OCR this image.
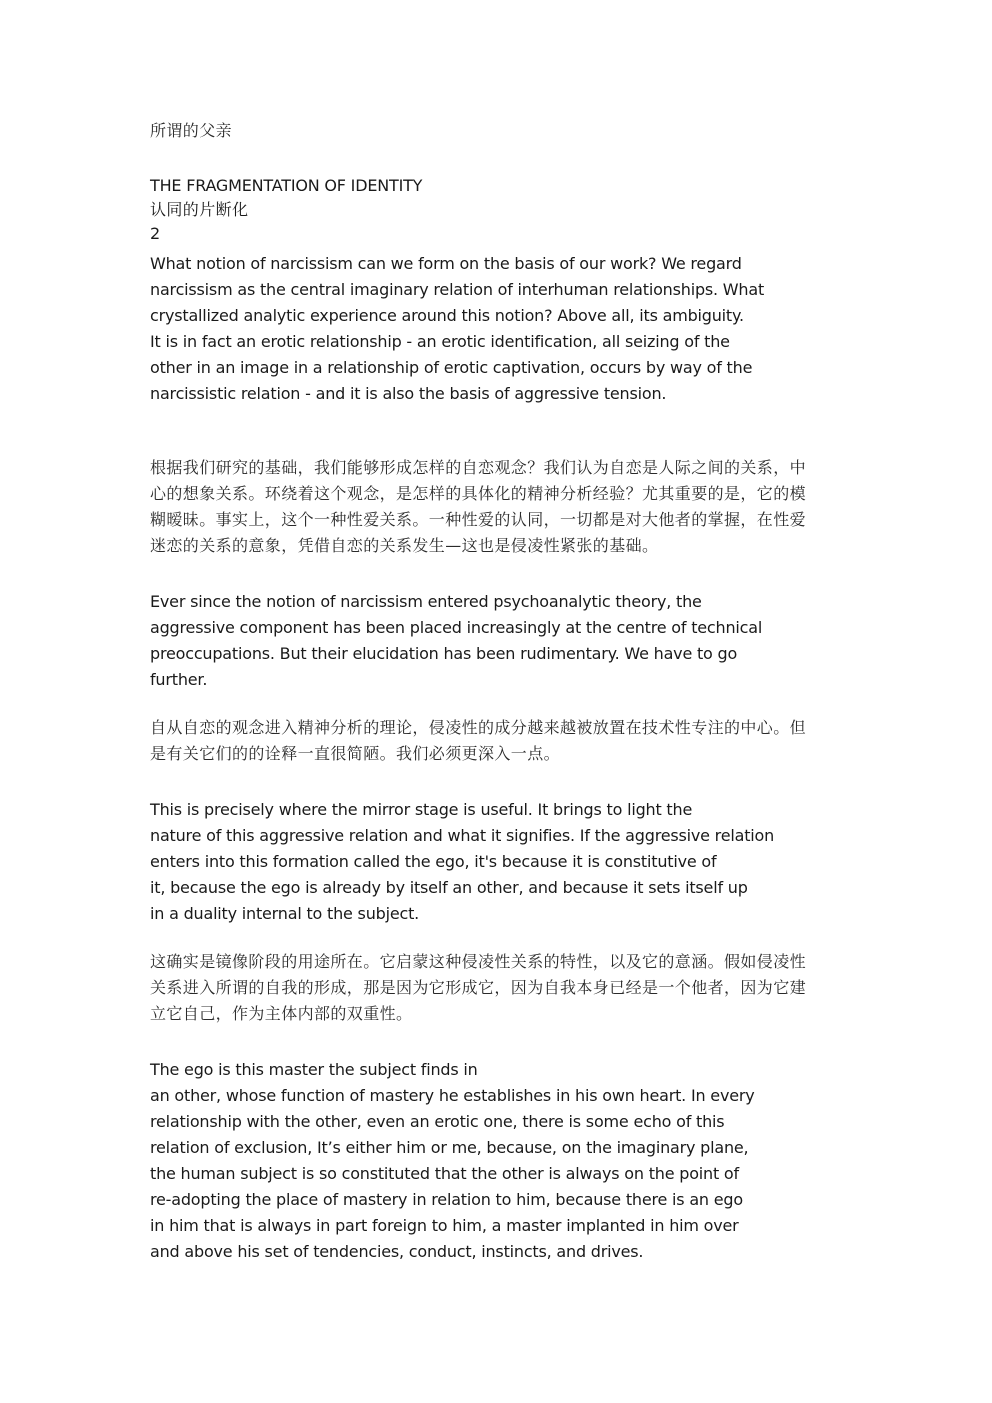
所谓的父亲
THE FRAGMENTATION OF IDENTITY
认同的片断化
2
What notion of narcissism can we form on the basis of our work? We regard
narcissism as the central imaginary relation of interhuman relationships. What
crystallized analytic experience around this notion? Above all, its ambiguity.
It is in fact an erotic relationship - an erotic identification, all seizing of the
other in an image in a relationship of erotic captivation, occurs by way of the
narcissistic relation - and it is also the basis of aggressive tension.
根据我们研究的基础，我们能够形成怎样的自恋观念？我们认为自恋是人际之间的关系，中
心的想象关系。环绕着这个观念，是怎样的具体化的精神分析经验？尤其重要的是，它的模
糊暧昧。事实上，这个一种性爱关系。一种性爱的认同，一切都是对大他者的掌握，在性爱
迷恋的关系的意象，凭借自恋的关系发生—这也是侵凌性紧张的基础。
Ever since the notion of narcissism entered psychoanalytic theory, the
aggressive component has been placed increasingly at the centre of technical
preoccupations. But their elucidation has been rudimentary. We have to go
further.
自从自恋的观念进入精神分析的理论，侵凌性的成分越来越被放置在技术性专注的中心。但
是有关它们的的诠释一直很简陋。我们必须更深入一点。
This is precisely where the mirror stage is useful. It brings to light the
nature of this aggressive relation and what it signifies. If the aggressive relation
enters into this formation called the ego, it's because it is constitutive of
it, because the ego is already by itself an other, and because it sets itself up
in a duality internal to the subject.
这确实是镜像阶段的用途所在。它启蒙这种侵凌性关系的特性，以及它的意涵。假如侵凌性
关系进入所谓的自我的形成，那是因为它形成它，因为自我本身已经是一个他者，因为它建
立它自己，作为主体内部的双重性。
The ego is this master the subject finds in
an other, whose function of mastery he establishes in his own heart. In every
relationship with the other, even an erotic one, there is some echo of this
relation of exclusion, It’s either him or me, because, on the imaginary plane,
the human subject is so constituted that the other is always on the point of
re-adopting the place of mastery in relation to him, because there is an ego
in him that is always in part foreign to him, a master implanted in him over
and above his set of tendencies, conduct, instincts, and drives.
